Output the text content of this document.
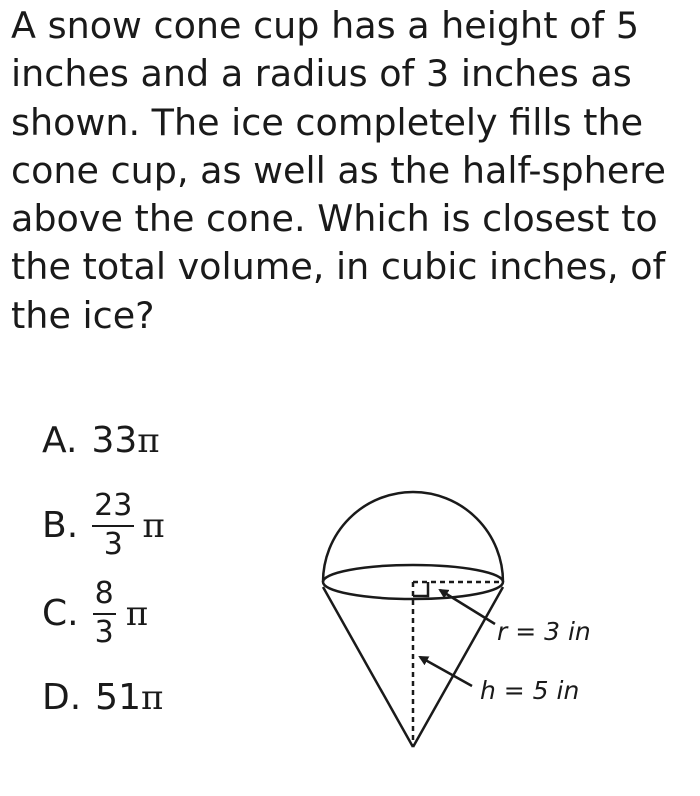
A snow cone cup has a height of 5 inches and a radius of 3 inches as shown. The ice completely fills the cone cup, as well as the half-sphere above the cone. Which is closest to the total volume, in cubic inches, of the ice?

A. 33 π
B. $\frac{23}{3}$ π
C. $\frac{8}{3}$ π
D. 51 π
r = 3 in
h = 5 in
